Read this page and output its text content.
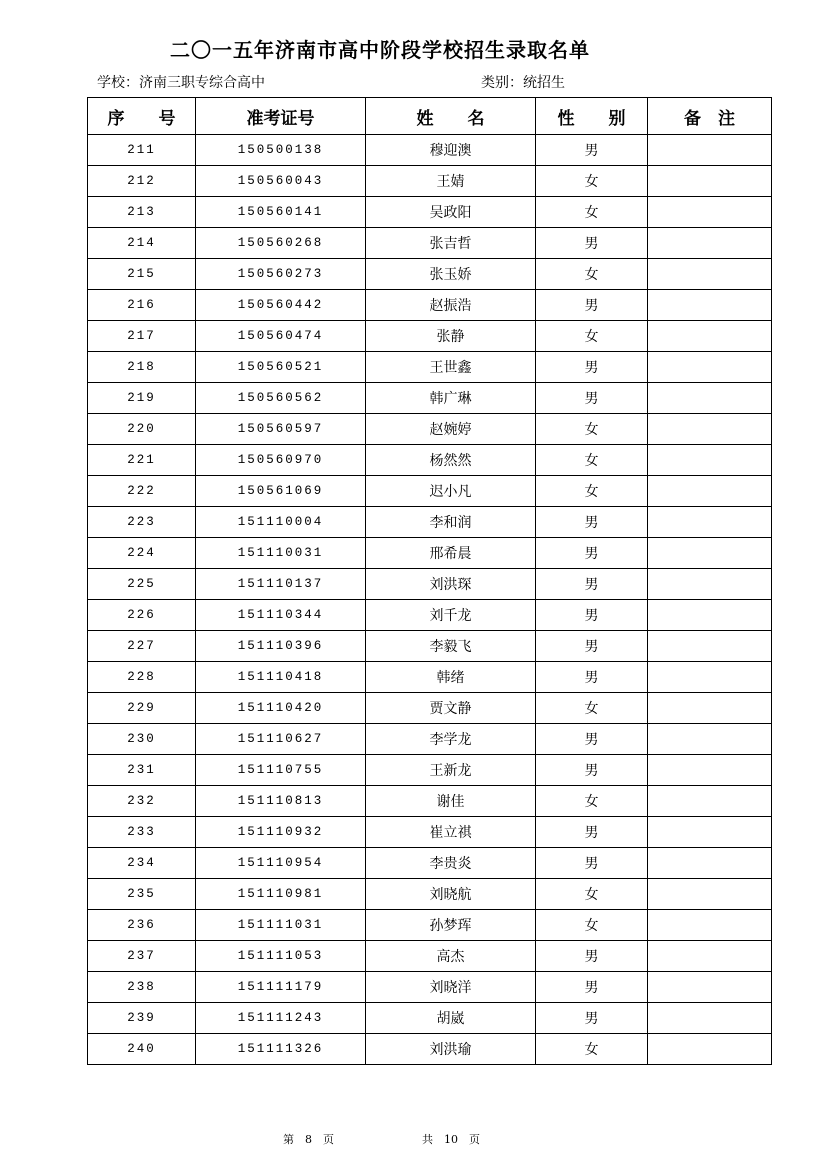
二〇一五年济南市高中阶段学校招生录取名单
学校：济南三职专综合高中	类别：统招生
序　　号	准考证号	姓　　名	性　　别	备　注
211	150500138	穆迎澳	男	
212	150560043	王婧	女	
213	150560141	吴政阳	女	
214	150560268	张吉哲	男	
215	150560273	张玉娇	女	
216	150560442	赵振浩	男	
217	150560474	张静	女	
218	150560521	王世鑫	男	
219	150560562	韩广琳	男	
220	150560597	赵婉婷	女	
221	150560970	杨然然	女	
222	150561069	迟小凡	女	
223	151110004	李和润	男	
224	151110031	邢希晨	男	
225	151110137	刘洪琛	男	
226	151110344	刘千龙	男	
227	151110396	李毅飞	男	
228	151110418	韩绪	男	
229	151110420	贾文静	女	
230	151110627	李学龙	男	
231	151110755	王新龙	男	
232	151110813	谢佳	女	
233	151110932	崔立祺	男	
234	151110954	李贵炎	男	
235	151110981	刘晓航	女	
236	151111031	孙梦珲	女	
237	151111053	高杰	男	
238	151111179	刘晓洋	男	
239	151111243	胡崴	男	
240	151111326	刘洪瑜	女	
第　8　页	共　10　页
